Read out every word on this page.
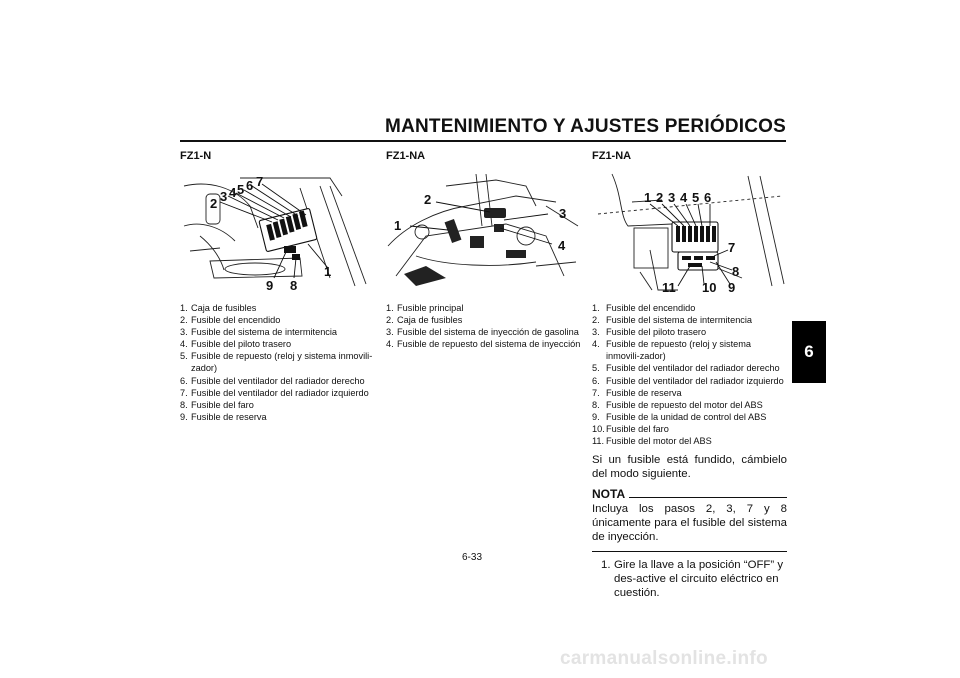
MANTENIMIENTO Y AJUSTES PERIÓDICOS
FZ1-N
2 3 4 5 6 7
9 8
1
1. Caja de fusibles
2. Fusible del encendido
3. Fusible del sistema de intermitencia
4. Fusible del piloto trasero
5. Fusible de repuesto (reloj y sistema inmovili-zador)
6. Fusible del ventilador del radiador derecho
7. Fusible del ventilador del radiador izquierdo
8. Fusible del faro
9. Fusible de reserva
FZ1-NA
2
1
3
4
1. Fusible principal
2. Caja de fusibles
3. Fusible del sistema de inyección de gasolina
4. Fusible de repuesto del sistema de inyección
FZ1-NA
1 2 3 4 5 6
7
8
11 10 9
1. Fusible del encendido
2. Fusible del sistema de intermitencia
3. Fusible del piloto trasero
4. Fusible de repuesto (reloj y sistema inmovili-zador)
5. Fusible del ventilador del radiador derecho
6. Fusible del ventilador del radiador izquierdo
7. Fusible de reserva
8. Fusible de repuesto del motor del ABS
9. Fusible de la unidad de control del ABS
10. Fusible del faro
11. Fusible del motor del ABS

Si un fusible está fundido, cámbielo del modo siguiente.

NOTA

Incluya los pasos 2, 3, 7 y 8 únicamente para el fusible del sistema de inyección.

1. Gire la llave a la posición “OFF” y des-active el circuito eléctrico en cuestión.
6-33
6
carmanualsonline.info
